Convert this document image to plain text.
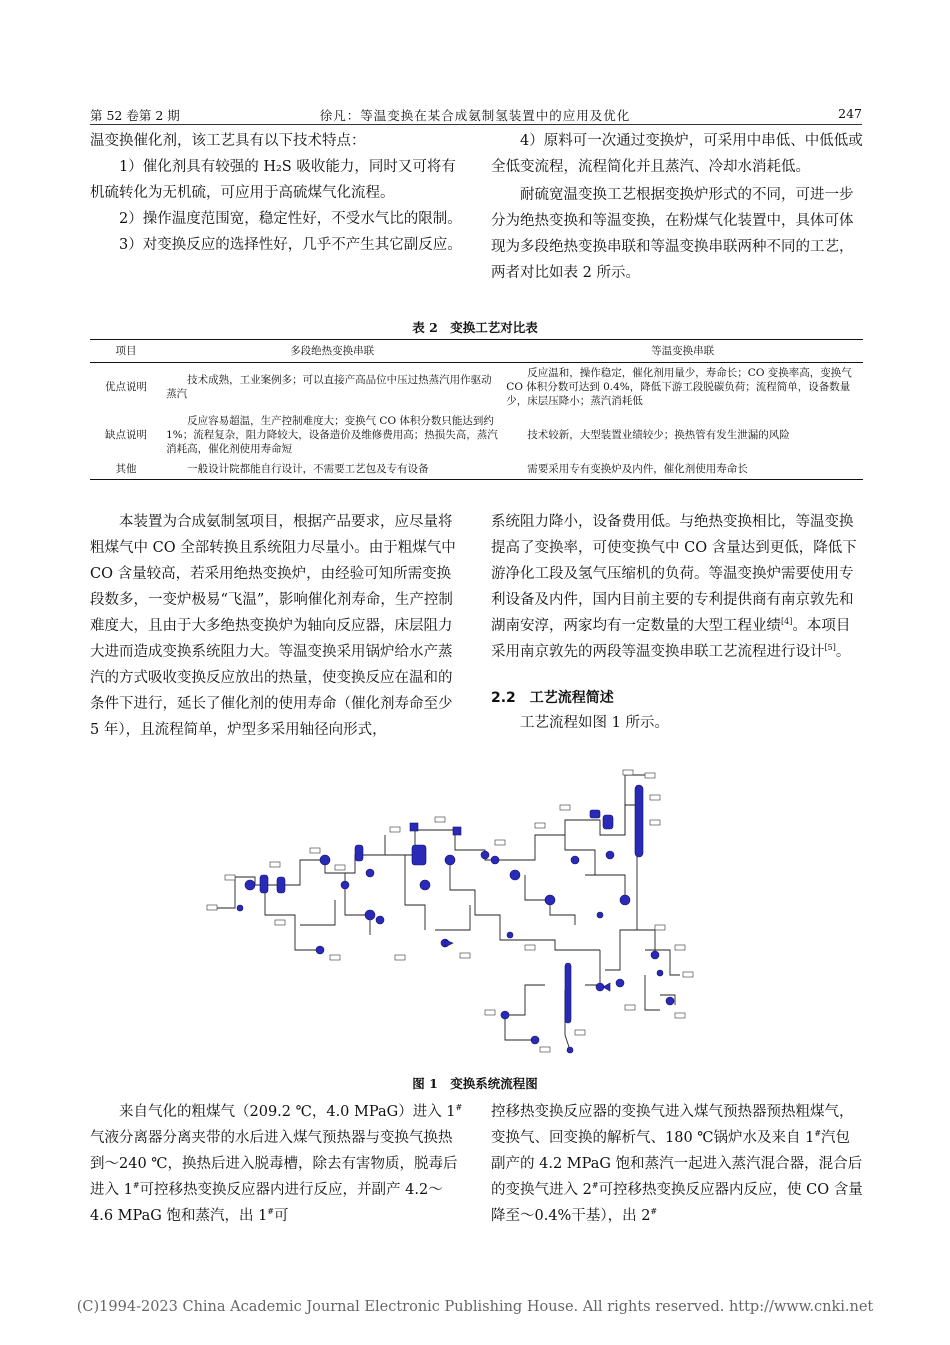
第 52 卷第 2 期	徐凡：等温变换在某合成氨制氢装置中的应用及优化	247

温变换催化剂，该工艺具有以下技术特点：

1）催化剂具有较强的 H₂S 吸收能力，同时又可将有机硫转化为无机硫，可应用于高硫煤气化流程。

2）操作温度范围宽，稳定性好，不受水气比的限制。

3）对变换反应的选择性好，几乎不产生其它副反应。

4）原料可一次通过变换炉，可采用中串低、中低低或全低变流程，流程简化并且蒸汽、冷却水消耗低。

耐硫宽温变换工艺根据变换炉形式的不同，可进一步分为绝热变换和等温变换，在粉煤气化装置中，具体可体现为多段绝热变换串联和等温变换串联两种不同的工艺，两者对比如表 2 所示。

表 2　变换工艺对比表
项目	多段绝热变换串联	等温变换串联
优点说明	技术成熟，工业案例多；可以直接产高品位中压过热蒸汽用作驱动蒸汽	反应温和，操作稳定，催化剂用量少，寿命长；CO 变换率高，变换气 CO 体积分数可达到 0.4%，降低下游工段脱碳负荷；流程简单，设备数量少，床层压降小；蒸汽消耗低
缺点说明	反应容易超温，生产控制难度大；变换气 CO 体积分数只能达到约 1%；流程复杂，阻力降较大，设备造价及维修费用高；热损失高，蒸汽消耗高，催化剂使用寿命短	技术较新，大型装置业绩较少；换热管有发生泄漏的风险
其他	一般设计院都能自行设计，不需要工艺包及专有设备	需要采用专有变换炉及内件，催化剂使用寿命长

本装置为合成氨制氢项目，根据产品要求，应尽量将粗煤气中 CO 全部转换且系统阻力尽量小。由于粗煤气中 CO 含量较高，若采用绝热变换炉，由经验可知所需变换段数多，一变炉极易“飞温”，影响催化剂寿命，生产控制难度大，且由于大多绝热变换炉为轴向反应器，床层阻力大进而造成变换系统阻力大。等温变换采用锅炉给水产蒸汽的方式吸收变换反应放出的热量，使变换反应在温和的条件下进行，延长了催化剂的使用寿命（催化剂寿命至少 5 年），且流程简单，炉型多采用轴径向形式，

系统阻力降小，设备费用低。与绝热变换相比，等温变换提高了变换率，可使变换气中 CO 含量达到更低，降低下游净化工段及氢气压缩机的负荷。等温变换炉需要使用专利设备及内件，国内目前主要的专利提供商有南京敦先和湖南安淳，两家均有一定数量的大型工程业绩[4]。本项目采用南京敦先的两段等温变换串联工艺流程进行设计[5]。

2.2　工艺流程简述

工艺流程如图 1 所示。

图 1　变换系统流程图

来自气化的粗煤气（209.2 ℃，4.0 MPaG）进入 1#气液分离器分离夹带的水后进入煤气预热器与变换气换热到～240 ℃，换热后进入脱毒槽，除去有害物质，脱毒后进入 1#可控移热变换反应器内进行反应，并副产 4.2～4.6 MPaG 饱和蒸汽，出 1#可

控移热变换反应器的变换气进入煤气预热器预热粗煤气，变换气、回变换的解析气、180 ℃锅炉水及来自 1#汽包副产的 4.2 MPaG 饱和蒸汽一起进入蒸汽混合器，混合后的变换气进入 2#可控移热变换反应器内反应，使 CO 含量降至～0.4%干基），出 2#

(C)1994-2023 China Academic Journal Electronic Publishing House. All rights reserved. http://www.cnki.net
